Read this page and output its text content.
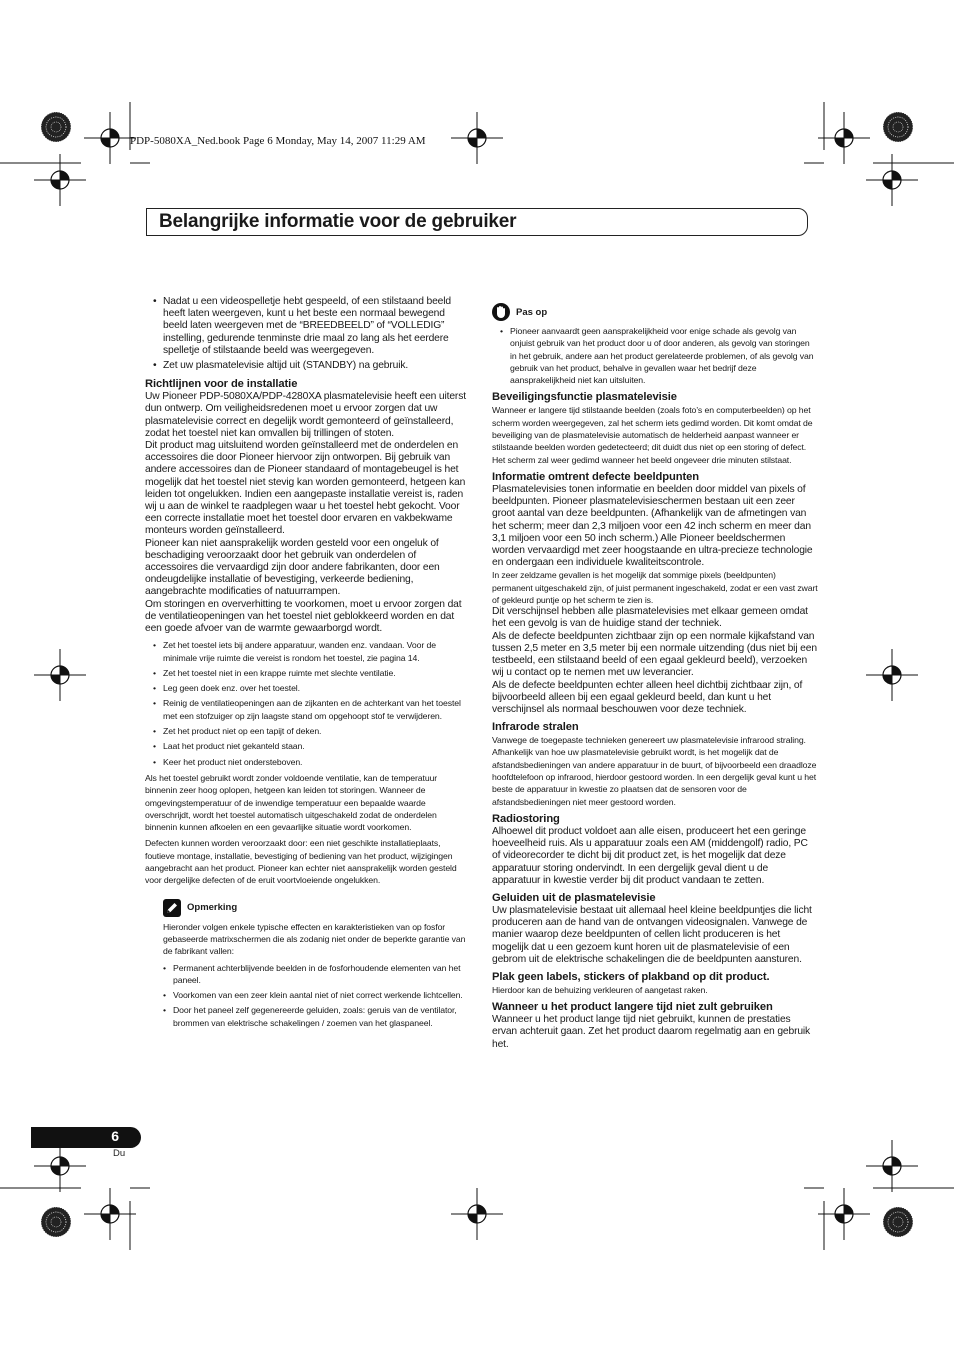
PDP-5080XA_Ned.book Page 6 Monday, May 14, 2007 11:29 AM
Belangrijke informatie voor de gebruiker
• Nadat u een videospelletje hebt gespeeld, of een stilstaand beeld heeft laten weergeven, kunt u het beste een normaal bewegend beeld laten weergeven met de “BREEDBEELD” of “VOLLEDIG” instelling, gedurende tenminste drie maal zo lang als het eerdere spelletje of stilstaande beeld was weergegeven.
• Zet uw plasmatelevisie altijd uit (STANDBY) na gebruik.
Richtlijnen voor de installatie

Uw Pioneer PDP-5080XA/PDP-4280XA plasmatelevisie heeft een uiterst dun ontwerp. Om veiligheidsredenen moet u ervoor zorgen dat uw plasmatelevisie correct en degelijk wordt gemonteerd of geïnstalleerd, zodat het toestel niet kan omvallen bij trillingen of stoten.

Dit product mag uitsluitend worden geïnstalleerd met de onderdelen en accessoires die door Pioneer hiervoor zijn ontworpen. Bij gebruik van andere accessoires dan de Pioneer standaard of montagebeugel is het mogelijk dat het toestel niet stevig kan worden gemonteerd, hetgeen kan leiden tot ongelukken. Indien een aangepaste installatie vereist is, raden wij u aan de winkel te raadplegen waar u het toestel hebt gekocht. Voor een correcte installatie moet het toestel door ervaren en vakbekwame monteurs worden geïnstalleerd.

Pioneer kan niet aansprakelijk worden gesteld voor een ongeluk of beschadiging veroorzaakt door het gebruik van onderdelen of accessoires die vervaardigd zijn door andere fabrikanten, door een ondeugdelijke installatie of bevestiging, verkeerde bediening, aangebrachte modificaties of natuurrampen.

Om storingen en oververhitting te voorkomen, moet u ervoor zorgen dat de ventilatieopeningen van het toestel niet geblokkeerd worden en dat een goede afvoer van de warmte gewaarborgd wordt.

• Zet het toestel iets bij andere apparatuur, wanden enz. vandaan. Voor de minimale vrije ruimte die vereist is rondom het toestel, zie pagina 14.
• Zet het toestel niet in een krappe ruimte met slechte ventilatie.
• Leg geen doek enz. over het toestel.
• Reinig de ventilatieopeningen aan de zijkanten en de achterkant van het toestel met een stofzuiger op zijn laagste stand om opgehoopt stof te verwijderen.
• Zet het product niet op een tapijt of deken.
• Laat het product niet gekanteld staan.
• Keer het product niet ondersteboven.

Als het toestel gebruikt wordt zonder voldoende ventilatie, kan de temperatuur binnenin zeer hoog oplopen, hetgeen kan leiden tot storingen. Wanneer de omgevingstemperatuur of de inwendige temperatuur een bepaalde waarde overschrijdt, wordt het toestel automatisch uitgeschakeld zodat de onderdelen binnenin kunnen afkoelen en een gevaarlijke situatie wordt voorkomen.

Defecten kunnen worden veroorzaakt door: een niet geschikte installatieplaats, foutieve montage, installatie, bevestiging of bediening van het product, wijzigingen aangebracht aan het product. Pioneer kan echter niet aansprakelijk worden gesteld voor dergelijke defecten of de eruit voortvloeiende ongelukken.

Opmerking

Hieronder volgen enkele typische effecten en karakteristieken van op fosfor gebaseerde matrixschermen die als zodanig niet onder de beperkte garantie van de fabrikant vallen:

• Permanent achterblijvende beelden in de fosforhoudende elementen van het paneel.
• Voorkomen van een zeer klein aantal niet of niet correct werkende lichtcellen.
• Door het paneel zelf gegenereerde geluiden, zoals: geruis van de ventilator, brommen van elektrische schakelingen / zoemen van het glaspaneel.
Pas op
• Pioneer aanvaardt geen aansprakelijkheid voor enige schade als gevolg van onjuist gebruik van het product door u of door anderen, als gevolg van storingen in het gebruik, andere aan het product gerelateerde problemen, of als gevolg van gebruik van het product, behalve in gevallen waar het bedrijf deze aansprakelijkheid niet kan uitsluiten.
Beveiligingsfunctie plasmatelevisie

Wanneer er langere tijd stilstaande beelden (zoals foto’s en computerbeelden) op het scherm worden weergegeven, zal het scherm iets gedimd worden. Dit komt omdat de beveiliging van de plasmatelevisie automatisch de helderheid aanpast wanneer er stilstaande beelden worden gedetecteerd; dit duidt dus niet op een storing of defect. Het scherm zal weer gedimd wanneer het beeld ongeveer drie minuten stilstaat.

Informatie omtrent defecte beeldpunten

Plasmatelevisies tonen informatie en beelden door middel van pixels of beeldpunten. Pioneer plasmatelevisieschermen bestaan uit een zeer groot aantal van deze beeldpunten. (Afhankelijk van de afmetingen van het scherm; meer dan 2,3 miljoen voor een 42 inch scherm en meer dan 3,1 miljoen voor een 50 inch scherm.) Alle Pioneer beeldschermen worden vervaardigd met zeer hoogstaande en ultra-precieze technologie en ondergaan een individuele kwaliteitscontrole.

In zeer zeldzame gevallen is het mogelijk dat sommige pixels (beeldpunten) permanent uitgeschakeld zijn, of juist permanent ingeschakeld, zodat er een vast zwart of gekleurd puntje op het scherm te zien is.

Dit verschijnsel hebben alle plasmatelevisies met elkaar gemeen omdat het een gevolg is van de huidige stand der techniek.

Als de defecte beeldpunten zichtbaar zijn op een normale kijkafstand van tussen 2,5 meter en 3,5 meter bij een normale uitzending (dus niet bij een testbeeld, een stilstaand beeld of een egaal gekleurd beeld), verzoeken wij u contact op te nemen met uw leverancier.

Als de defecte beeldpunten echter alleen heel dichtbij zichtbaar zijn, of bijvoorbeeld alleen bij een egaal gekleurd beeld, dan kunt u het verschijnsel als normaal beschouwen voor deze techniek.

Infrarode stralen

Vanwege de toegepaste technieken genereert uw plasmatelevisie infrarood straling. Afhankelijk van hoe uw plasmatelevisie gebruikt wordt, is het mogelijk dat de afstandsbedieningen van andere apparatuur in de buurt, of bijvoorbeeld een draadloze hoofdtelefoon op infrarood, hierdoor gestoord worden. In een dergelijk geval kunt u het beste de apparatuur in kwestie zo plaatsen dat de sensoren voor de afstandsbedieningen niet meer gestoord worden.

Radiostoring

Alhoewel dit product voldoet aan alle eisen, produceert het een geringe hoeveelheid ruis. Als u apparatuur zoals een AM (middengolf) radio, PC of videorecorder te dicht bij dit product zet, is het mogelijk dat deze apparatuur storing ondervindt. In een dergelijk geval dient u de apparatuur in kwestie verder bij dit product vandaan te zetten.

Geluiden uit de plasmatelevisie

Uw plasmatelevisie bestaat uit allemaal heel kleine beeldpuntjes die licht produceren aan de hand van de ontvangen videosignalen. Vanwege de manier waarop deze beeldpunten of cellen licht produceren is het mogelijk dat u een gezoem kunt horen uit de plasmatelevisie of een gebrom uit de elektrische schakelingen die de beeldpunten aansturen.

Plak geen labels, stickers of plakband op dit product.

Hierdoor kan de behuizing verkleuren of aangetast raken.

Wanneer u het product langere tijd niet zult gebruiken

Wanneer u het product lange tijd niet gebruikt, kunnen de prestaties ervan achteruit gaan. Zet het product daarom regelmatig aan en gebruik het.

6
Du
